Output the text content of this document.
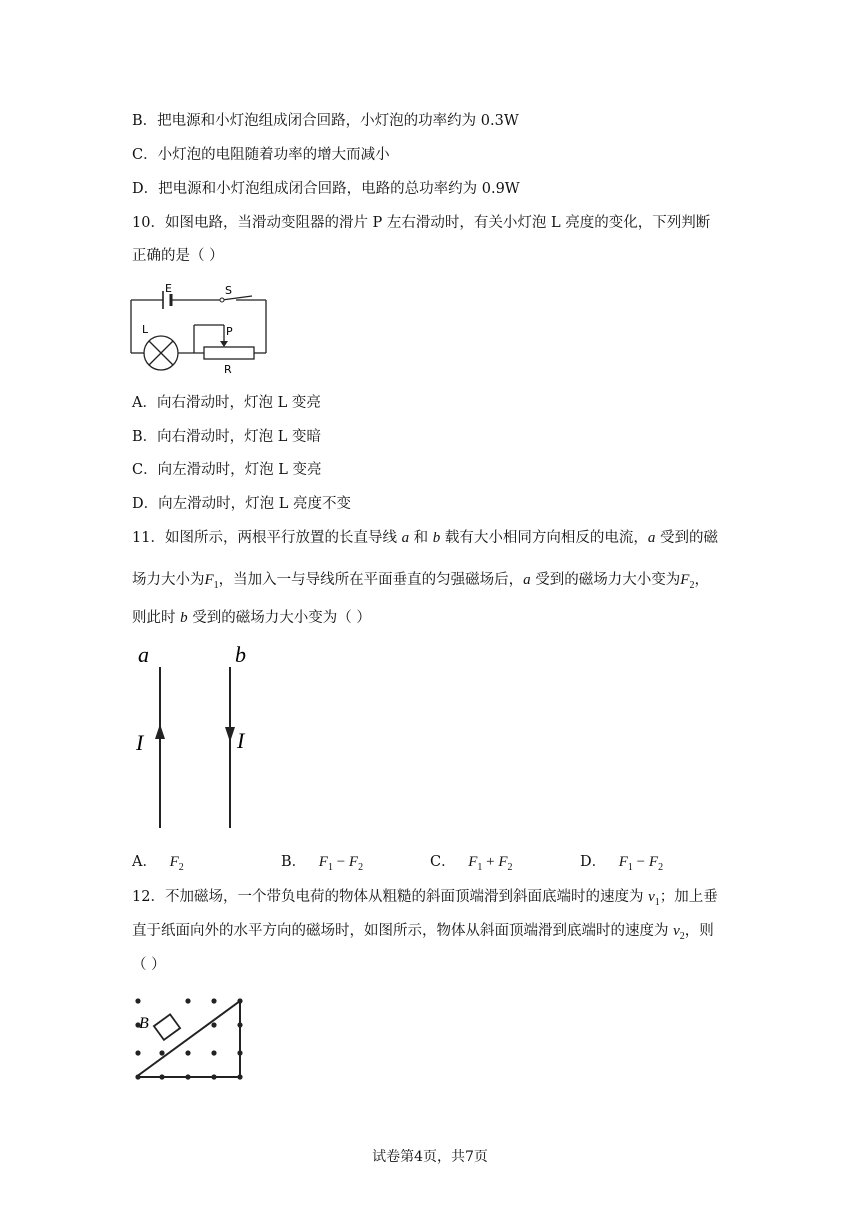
B．把电源和小灯泡组成闭合回路，小灯泡的功率约为 0.3W
C．小灯泡的电阻随着功率的增大而减小
D．把电源和小灯泡组成闭合回路，电路的总功率约为 0.9W
10．如图电路，当滑动变阻器的滑片 P 左右滑动时，有关小灯泡 L 亮度的变化，下列判断
正确的是（ ）
E	S
L	P
R
A．向右滑动时，灯泡 L 变亮
B．向右滑动时，灯泡 L 变暗
C．向左滑动时，灯泡 L 变亮
D．向左滑动时，灯泡 L 亮度不变
11．如图所示，两根平行放置的长直导线 a 和 b 载有大小相同方向相反的电流，a 受到的磁
场力大小为$F_1$，当加入一与导线所在平面垂直的匀强磁场后，a 受到的磁场力大小变为$F_2$，
则此时 b 受到的磁场力大小变为（ ）
a	b
I	I
A． $F_2$	B． $F_1 - F_2$	C． $F_1 + F_2$	D． $F_1 - F_2$
12．不加磁场，一个带负电荷的物体从粗糙的斜面顶端滑到斜面底端时的速度为 $v_1$；加上垂
直于纸面向外的水平方向的磁场时，如图所示，物体从斜面顶端滑到底端时的速度为 $v_2$，则
（ ）
B
试卷第4页，共7页
